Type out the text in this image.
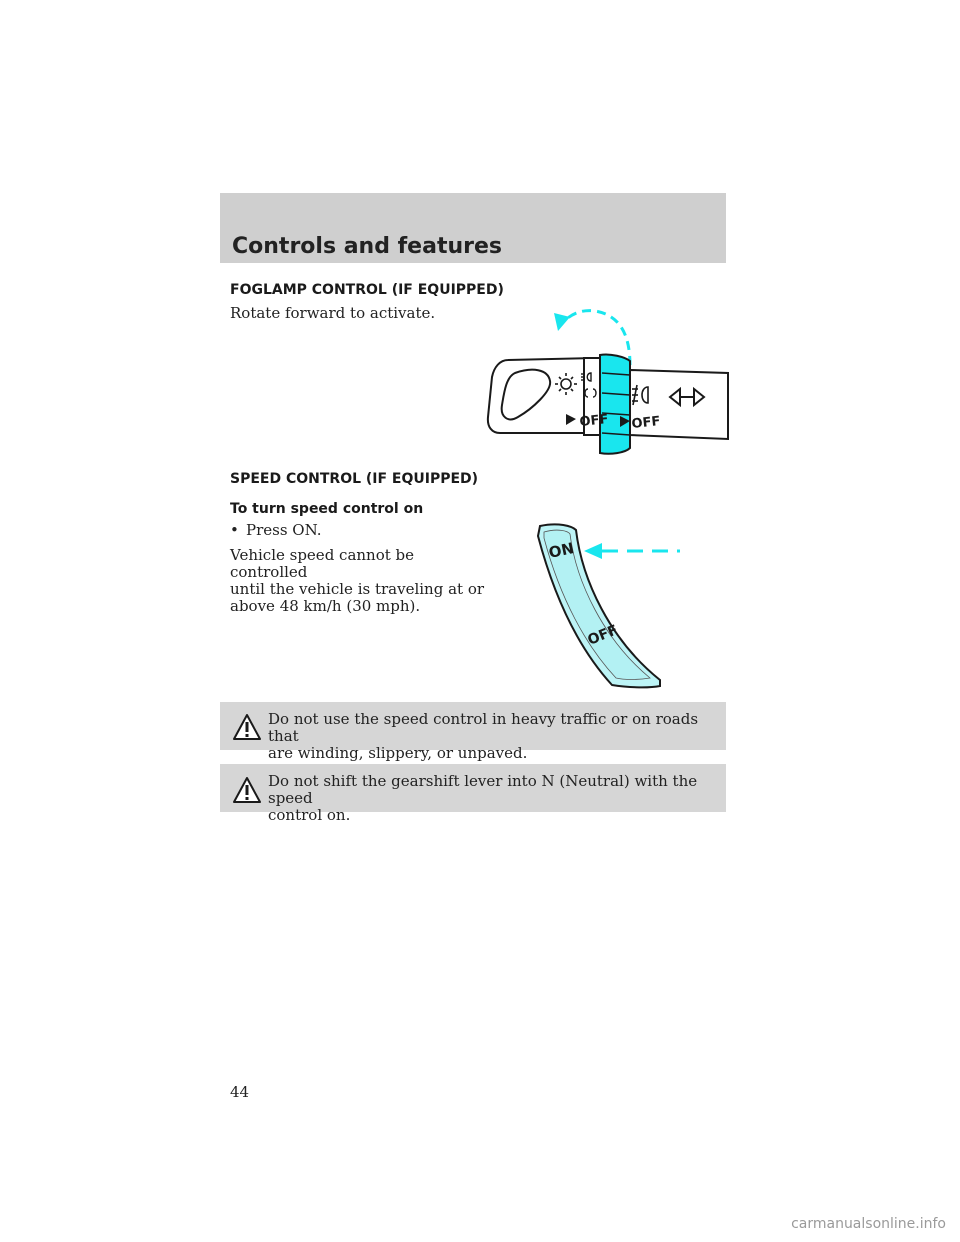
Controls and features
FOGLAMP CONTROL (IF EQUIPPED)
Rotate forward to activate.
OFF OFF
SPEED CONTROL (IF EQUIPPED)
To turn speed control on
• Press ON.
Vehicle speed cannot be controlled
until the vehicle is traveling at or
above 48 km/h (30 mph).
ON
OFF
Do not use the speed control in heavy traffic or on roads that
are winding, slippery, or unpaved.
Do not shift the gearshift lever into N (Neutral) with the speed
control on.
44
carmanualsonline.info
